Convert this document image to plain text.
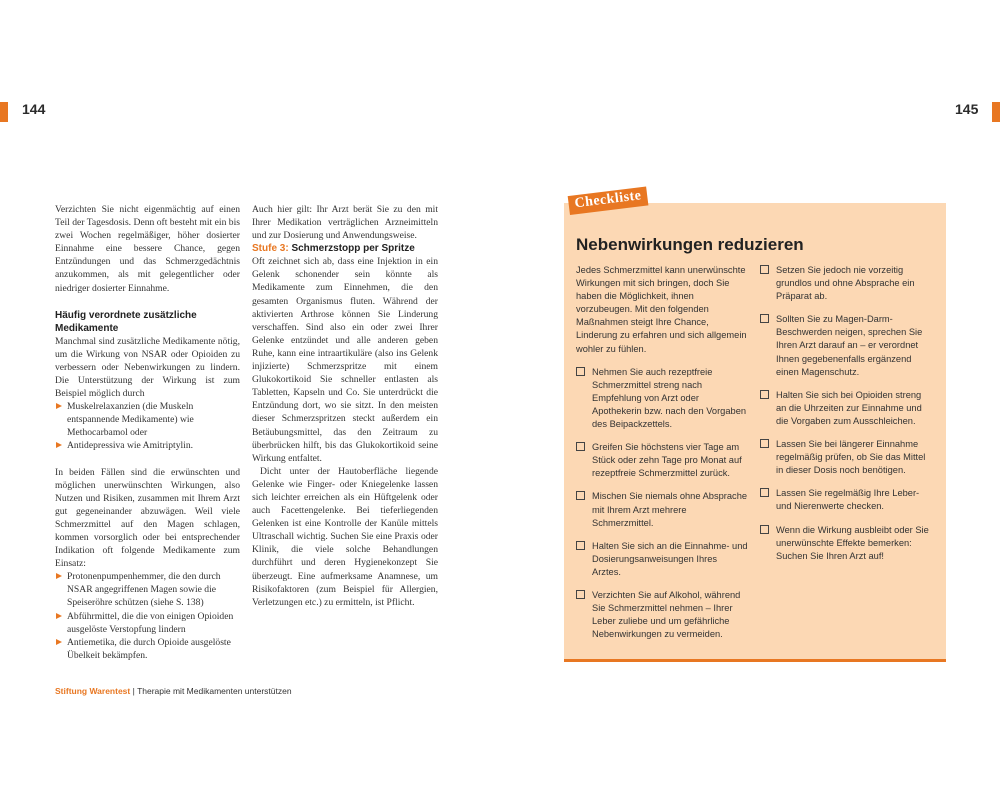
144

Verzichten Sie nicht eigenmächtig auf einen Teil der Tagesdosis. Denn oft besteht mit ein bis zwei Wochen regelmäßiger, höher dosierter Einnahme eine bessere Chance, gegen Entzündungen und das Schmerzgedächtnis anzukommen, als mit gelegentlicher oder niedriger dosierter Einnahme.

Häufig verordnete zusätzliche Medikamente

Manchmal sind zusätzliche Medikamente nötig, um die Wirkung von NSAR oder Opioiden zu verbessern oder Nebenwirkungen zu lindern. Die Unterstützung der Wirkung ist zum Beispiel möglich durch

Muskelrelaxanzien (die Muskeln entspannende Medikamente) wie Methocarbamol oder
Antidepressiva wie Amitriptylin.

In beiden Fällen sind die erwünschten und möglichen unerwünschten Wirkungen, also Nutzen und Risiken, zusammen mit Ihrem Arzt gut gegeneinander abzuwägen. Weil viele Schmerzmittel auf den Magen schlagen, kommen vorsorglich oder bei entsprechender Indikation oft folgende Medikamente zum Einsatz:

Protonenpumpenhemmer, die den durch NSAR angegriffenen Magen sowie die Speiseröhre schützen (siehe S. 138)
Abführmittel, die die von einigen Opioiden ausgelöste Verstopfung lindern
Antiemetika, die durch Opioide ausgelöste Übelkeit bekämpfen.

Auch hier gilt: Ihr Arzt berät Sie zu den mit Ihrer Medikation verträglichen Arzneimitteln und zur Dosierung und Anwendungsweise.

Stufe 3: Schmerzstopp per Spritze

Oft zeichnet sich ab, dass eine Injektion in ein Gelenk schonender sein könnte als Medikamente zum Einnehmen, die den gesamten Organismus fluten. Während der aktivierten Arthrose können Sie Linderung verschaffen. Sind also ein oder zwei Ihrer Gelenke entzündet und alle anderen geben Ruhe, kann eine intraartikuläre (also ins Gelenk injizierte) Schmerzspritze mit einem Glukokortikoid Sie schneller entlasten als Tabletten, Kapseln und Co. Sie unterdrückt die Entzündung dort, wo sie sitzt. In den meisten dieser Schmerzspritzen steckt außerdem ein Betäubungsmittel, das den Zeitraum zu überbrücken hilft, bis das Glukokortikoid seine Wirkung entfaltet.

Dicht unter der Hautoberfläche liegende Gelenke wie Finger- oder Kniegelenke lassen sich leichter erreichen als ein Hüftgelenk oder auch Facettengelenke. Bei tieferliegenden Gelenken ist eine Kontrolle der Kanüle mittels Ultraschall wichtig. Suchen Sie eine Praxis oder Klinik, die viele solche Behandlungen durchführt und deren Hygienekonzept Sie überzeugt. Eine aufmerksame Anamnese, um Risikofaktoren (zum Beispiel für Allergien, Verletzungen etc.) zu ermitteln, ist Pflicht.

Stiftung Warentest | Therapie mit Medikamenten unterstützen
145
Checkliste
Nebenwirkungen reduzieren

Jedes Schmerzmittel kann unerwünschte Wirkungen mit sich bringen, doch Sie haben die Möglichkeit, ihnen vorzubeugen. Mit den folgenden Maßnahmen steigt Ihre Chance, Linderung zu erfahren und sich allgemein wohler zu fühlen.

Nehmen Sie auch rezeptfreie Schmerzmittel streng nach Empfehlung von Arzt oder Apothekerin bzw. nach den Vorgaben des Beipackzettels.
Greifen Sie höchstens vier Tage am Stück oder zehn Tage pro Monat auf rezeptfreie Schmerzmittel zurück.
Mischen Sie niemals ohne Absprache mit Ihrem Arzt mehrere Schmerzmittel.
Halten Sie sich an die Einnahme- und Dosierungsanweisungen Ihres Arztes.
Verzichten Sie auf Alkohol, während Sie Schmerzmittel nehmen – Ihrer Leber zuliebe und um gefährliche Nebenwirkungen zu vermeiden.
Setzen Sie jedoch nie vorzeitig grundlos und ohne Absprache ein Präparat ab.
Sollten Sie zu Magen-Darm-Beschwerden neigen, sprechen Sie Ihren Arzt darauf an – er verordnet Ihnen gegebenenfalls ergänzend einen Magenschutz.
Halten Sie sich bei Opioiden streng an die Uhrzeiten zur Einnahme und die Vorgaben zum Ausschleichen.
Lassen Sie bei längerer Einnahme regelmäßig prüfen, ob Sie das Mittel in dieser Dosis noch benötigen.
Lassen Sie regelmäßig Ihre Leber- und Nierenwerte checken.
Wenn die Wirkung ausbleibt oder Sie unerwünschte Effekte bemerken: Suchen Sie Ihren Arzt auf!
